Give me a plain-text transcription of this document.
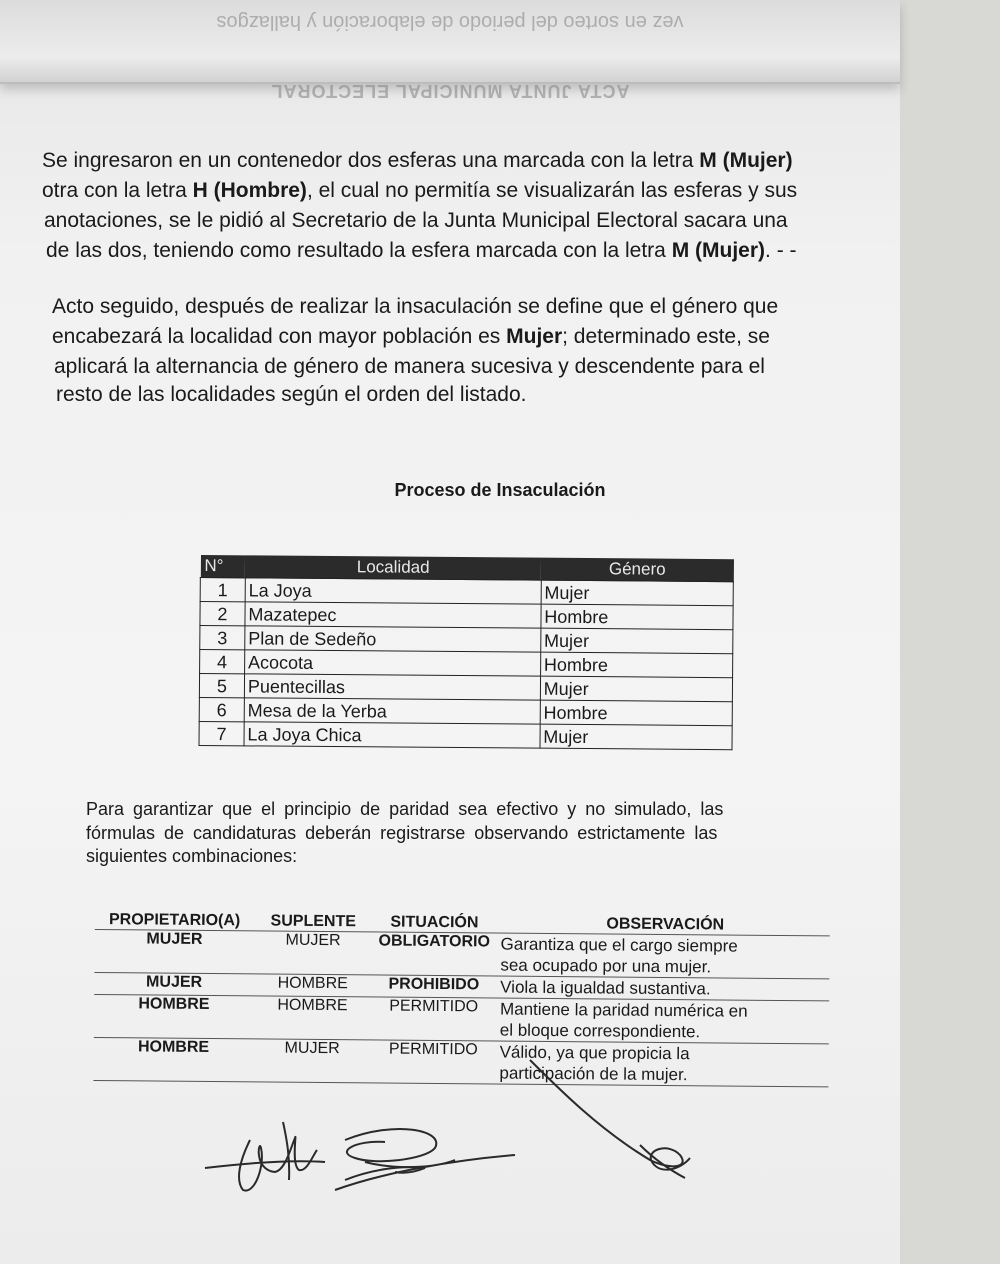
vez en sorteo del periodo de elaboración y hallazgos
ACTA JUNTA MUNICIPAL ELECTORAL
Se ingresaron en un contenedor dos esferas una marcada con la letra M (Mujer)
otra con la letra H (Hombre), el cual no permitía se visualizarán las esferas y sus
anotaciones, se le pidió al Secretario de la Junta Municipal Electoral sacara una
de las dos, teniendo como resultado la esfera marcada con la letra M (Mujer). - -
Acto seguido, después de realizar la insaculación se define que el género que
encabezará la localidad con mayor población es Mujer; determinado este, se
aplicará la alternancia de género de manera sucesiva y descendente para el
resto de las localidades según el orden del listado.
Proceso de Insaculación
N°	Localidad	Género
1	La Joya	Mujer
2	Mazatepec	Hombre
3	Plan de Sedeño	Mujer
4	Acocota	Hombre
5	Puentecillas	Mujer
6	Mesa de la Yerba	Hombre
7	La Joya Chica	Mujer
Para garantizar que el principio de paridad sea efectivo y no simulado, las
fórmulas de candidaturas deberán registrarse observando estrictamente las
siguientes combinaciones:
PROPIETARIO(A)	SUPLENTE	SITUACIÓN	OBSERVACIÓN
MUJER	MUJER	OBLIGATORIO Garantiza que el cargo siempre
sea ocupado por una mujer.
MUJER	HOMBRE	PROHIBIDO	Viola la igualdad sustantiva.
HOMBRE	HOMBRE	PERMITIDO	Mantiene la paridad numérica en
el bloque correspondiente.
HOMBRE	MUJER	PERMITIDO	Válido, ya que propicia la
participación de la mujer.
